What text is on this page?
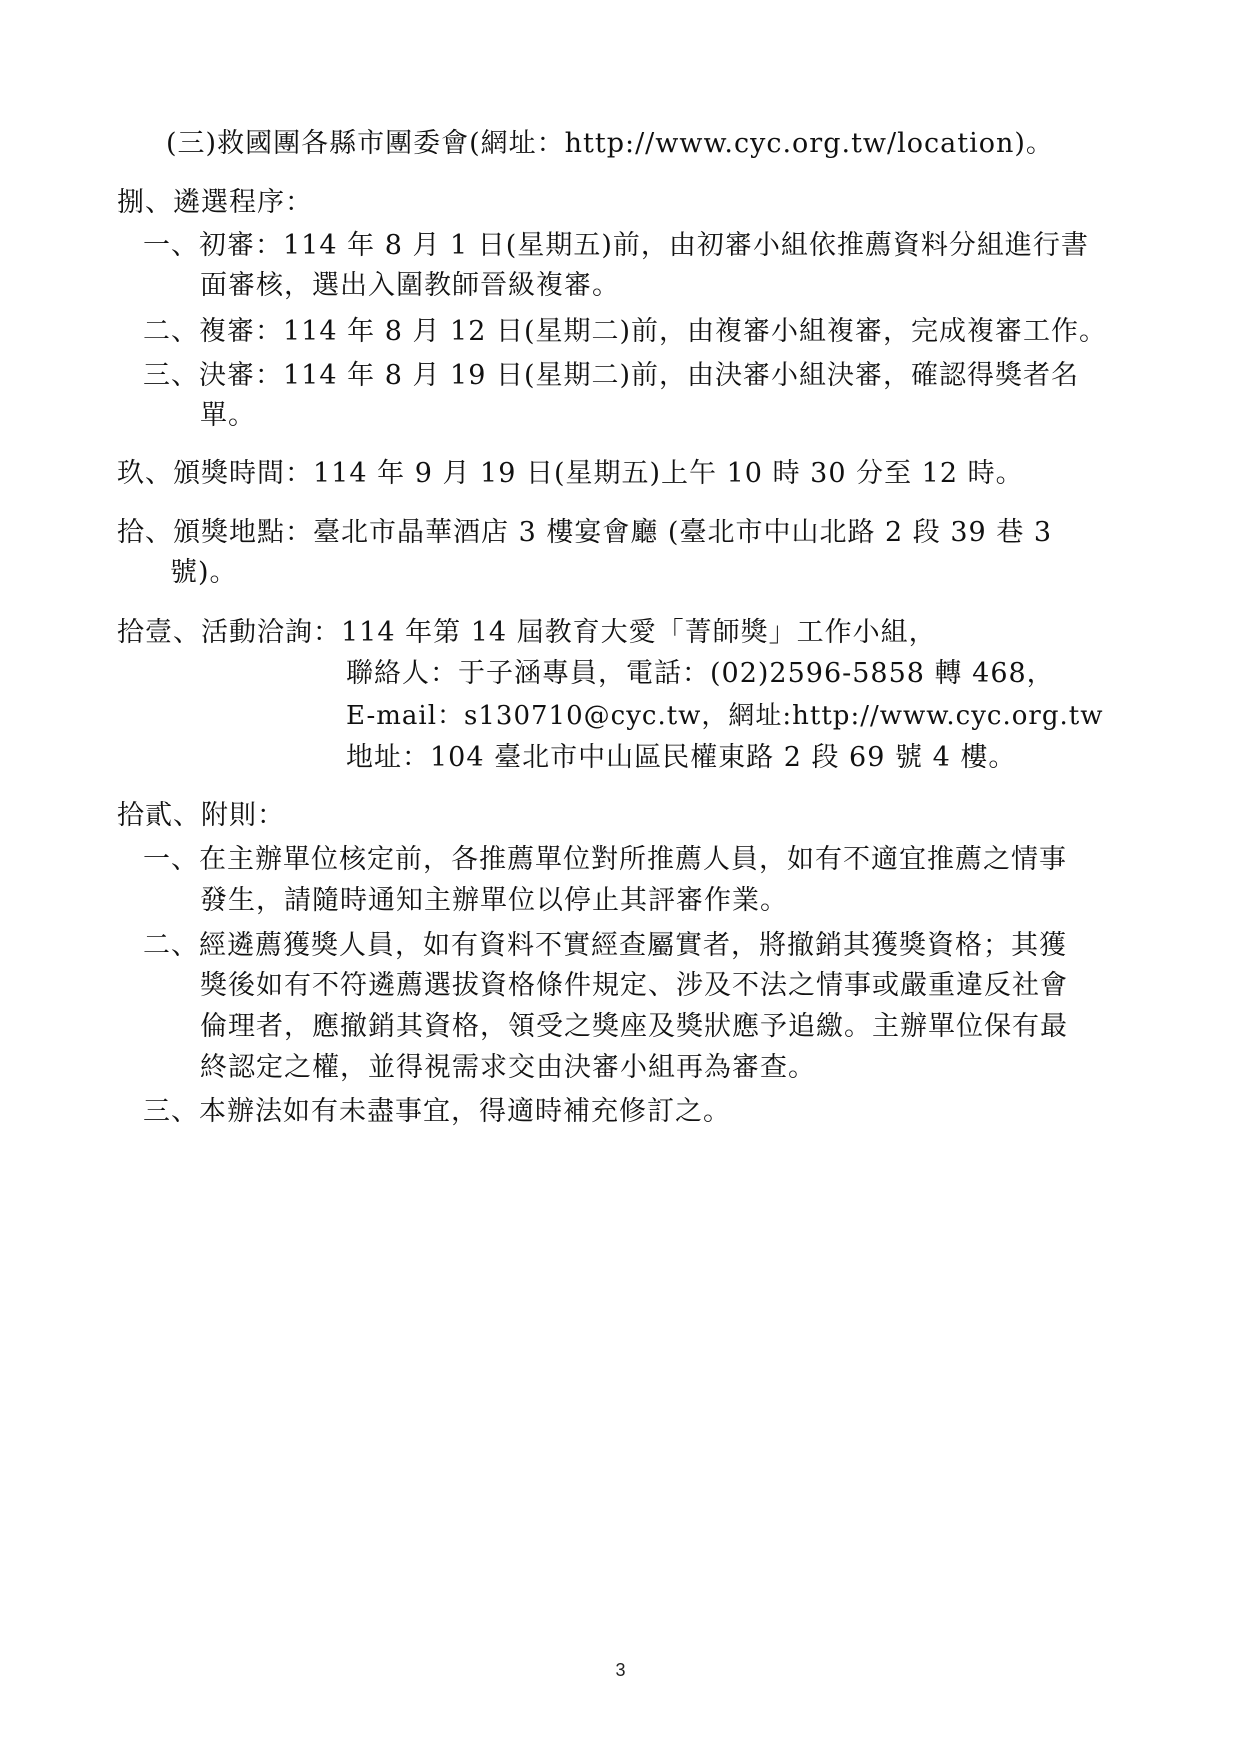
(三)救國團各縣市團委會(網址：http://www.cyc.org.tw/location)。
捌、遴選程序：
一、初審：114 年 8 月 1 日(星期五)前，由初審小組依推薦資料分組進行書
面審核，選出入圍教師晉級複審。
二、複審：114 年 8 月 12 日(星期二)前，由複審小組複審，完成複審工作。
三、決審：114 年 8 月 19 日(星期二)前，由決審小組決審，確認得獎者名
單。
玖、頒獎時間：114 年 9 月 19 日(星期五)上午 10 時 30 分至 12 時。
拾、頒獎地點：臺北市晶華酒店 3 樓宴會廳 (臺北市中山北路 2 段 39 巷 3
號)。
拾壹、活動洽詢：114 年第 14 屆教育大愛「菁師獎」工作小組，
聯絡人：于子涵專員，電話：(02)2596-5858 轉 468，
E-mail：s130710@cyc.tw，網址:http://www.cyc.org.tw
地址：104 臺北市中山區民權東路 2 段 69 號 4 樓。
拾貳、附則：
一、在主辦單位核定前，各推薦單位對所推薦人員，如有不適宜推薦之情事
發生，請隨時通知主辦單位以停止其評審作業。
二、經遴薦獲獎人員，如有資料不實經查屬實者，將撤銷其獲獎資格；其獲
獎後如有不符遴薦選拔資格條件規定、涉及不法之情事或嚴重違反社會
倫理者，應撤銷其資格，領受之獎座及獎狀應予追繳。主辦單位保有最
終認定之權，並得視需求交由決審小組再為審查。
三、本辦法如有未盡事宜，得適時補充修訂之。
3
